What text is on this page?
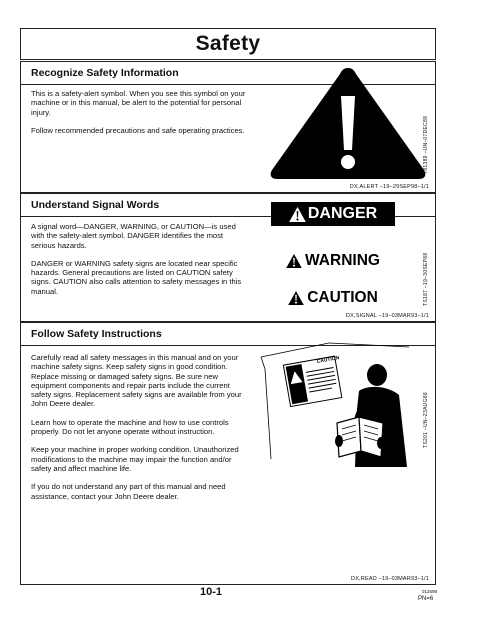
Safety
Recognize Safety Information

This is a safety-alert symbol. When you see this symbol on your machine or in this manual, be alert to the potential for personal injury.

Follow recommended precautions and safe operating practices.	T81389 –UN–07DEC88
DX,ALERT –19–29SEP98–1/1
Understand Signal Words

A signal word—DANGER, WARNING, or CAUTION—is used with the safety-alert symbol. DANGER identifies the most serious hazards.

DANGER or WARNING safety signs are located near specific hazards. General precautions are listed on CAUTION safety signs. CAUTION also calls attention to safety messages in this manual.

DANGER
WARNING
CAUTION	TS187 –19–30SEP88
DX,SIGNAL –19–03MAR93–1/1
Follow Safety Instructions

Carefully read all safety messages in this manual and on your machine safety signs. Keep safety signs in good condition. Replace missing or damaged safety signs. Be sure new equipment components and repair parts include the current safety signs. Replacement safety signs are available from your John Deere dealer.

Learn how to operate the machine and how to use controls properly. Do not let anyone operate without instruction.

Keep your machine in proper working condition. Unauthorized modifications to the machine may impair the function and/or safety and affect machine life.

If you do not understand any part of this manual and need assistance, contact your John Deere dealer.

CAUTION
TS201 –UN–23AUG88
DX,READ –19–03MAR93–1/1
10-1	012598
PN=6
